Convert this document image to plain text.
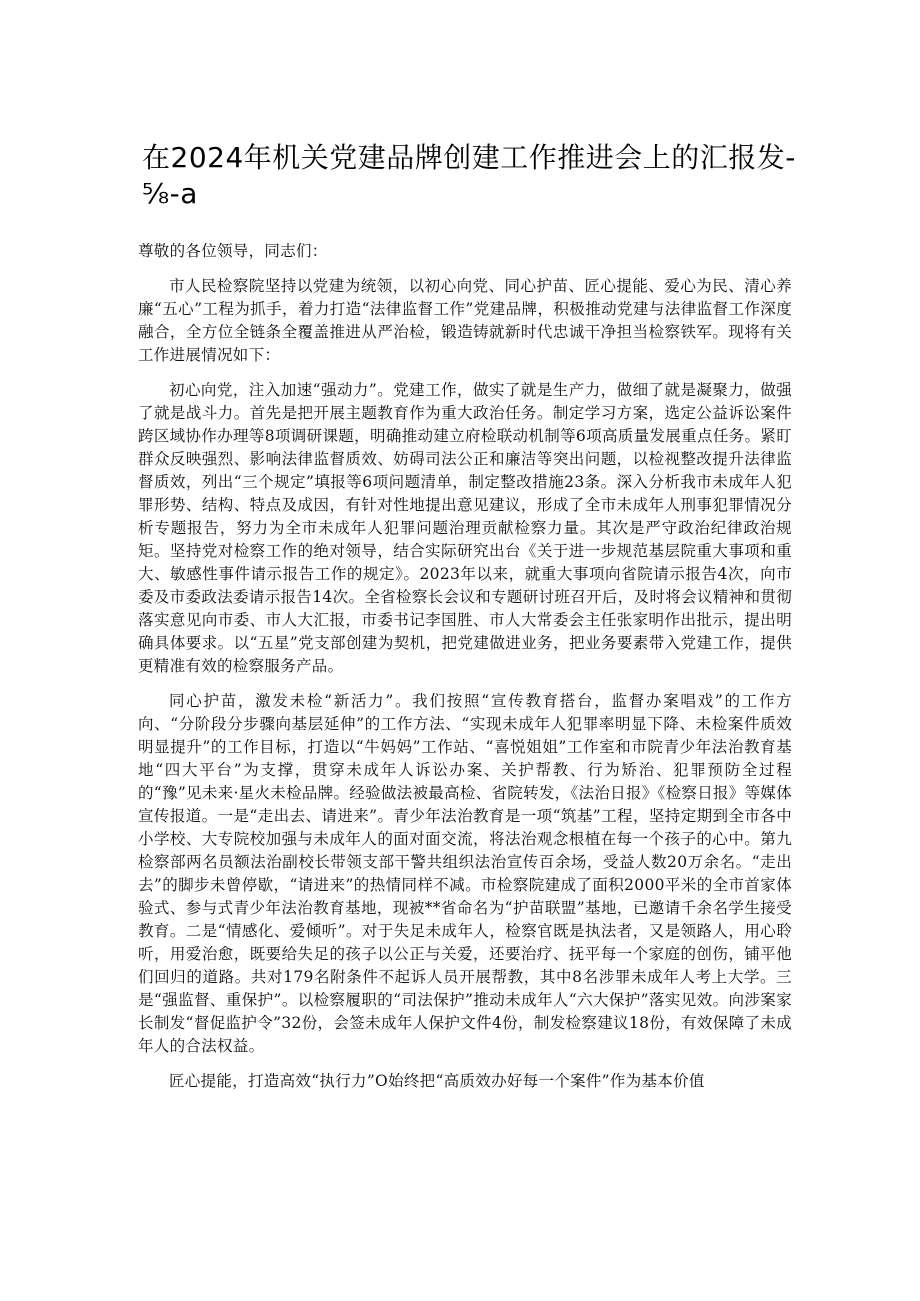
在2024年机关党建品牌创建工作推进会上的汇报发-⅝-a

尊敬的各位领导，同志们：

市人民检察院坚持以党建为统领，以初心向党、同心护苗、匠心提能、爱心为民、清心养廉“五心”工程为抓手，着力打造“法律监督工作”党建品牌，积极推动党建与法律监督工作深度融合，全方位全链条全覆盖推进从严治检，锻造铸就新时代忠诚干净担当检察铁军。现将有关工作进展情况如下：

初心向党，注入加速“强动力”。党建工作，做实了就是生产力，做细了就是凝聚力，做强了就是战斗力。首先是把开展主题教育作为重大政治任务。制定学习方案，选定公益诉讼案件跨区域协作办理等8项调研课题，明确推动建立府检联动机制等6项高质量发展重点任务。紧盯群众反映强烈、影响法律监督质效、妨碍司法公正和廉洁等突出问题，以检视整改提升法律监督质效，列出“三个规定”填报等6项问题清单，制定整改措施23条。深入分析我市未成年人犯罪形势、结构、特点及成因，有针对性地提出意见建议，形成了全市未成年人刑事犯罪情况分析专题报告，努力为全市未成年人犯罪问题治理贡献检察力量。其次是严守政治纪律政治规矩。坚持党对检察工作的绝对领导，结合实际研究出台《关于进一步规范基层院重大事项和重大、敏感性事件请示报告工作的规定》。2023年以来，就重大事项向省院请示报告4次，向市委及市委政法委请示报告14次。全省检察长会议和专题研讨班召开后，及时将会议精神和贯彻落实意见向市委、市人大汇报，市委书记李国胜、市人大常委会主任张家明作出批示，提出明确具体要求。以“五星”党支部创建为契机，把党建做进业务，把业务要素带入党建工作，提供更精准有效的检察服务产品。

同心护苗，激发未检“新活力”。我们按照“宣传教育搭台，监督办案唱戏”的工作方向、“分阶段分步骤向基层延伸”的工作方法、“实现未成年人犯罪率明显下降、未检案件质效明显提升”的工作目标，打造以“牛妈妈”工作站、“喜悦姐姐”工作室和市院青少年法治教育基地“四大平台”为支撑，贯穿未成年人诉讼办案、关护帮教、行为矫治、犯罪预防全过程的“豫”见未来·星火未检品牌。经验做法被最高检、省院转发，《法治日报》《检察日报》等媒体宣传报道。一是“走出去、请进来”。青少年法治教育是一项“筑基”工程，坚持定期到全市各中小学校、大专院校加强与未成年人的面对面交流，将法治观念根植在每一个孩子的心中。第九检察部两名员额法治副校长带领支部干警共组织法治宣传百余场，受益人数20万余名。“走出去”的脚步未曾停歇，“请进来”的热情同样不减。市检察院建成了面积2000平米的全市首家体验式、参与式青少年法治教育基地，现被**省命名为“护苗联盟”基地，已邀请千余名学生接受教育。二是“情感化、爱倾听”。对于失足未成年人，检察官既是执法者，又是领路人，用心聆听，用爱治愈，既要给失足的孩子以公正与关爱，还要治疗、抚平每一个家庭的创伤，铺平他们回归的道路。共对179名附条件不起诉人员开展帮教，其中8名涉罪未成年人考上大学。三是“强监督、重保护”。以检察履职的“司法保护”推动未成年人“六大保护”落实见效。向涉案家长制发“督促监护令”32份，会签未成年人保护文件4份，制发检察建议18份，有效保障了未成年人的合法权益。

匠心提能，打造高效“执行力”O始终把“高质效办好每一个案件”作为基本价值
